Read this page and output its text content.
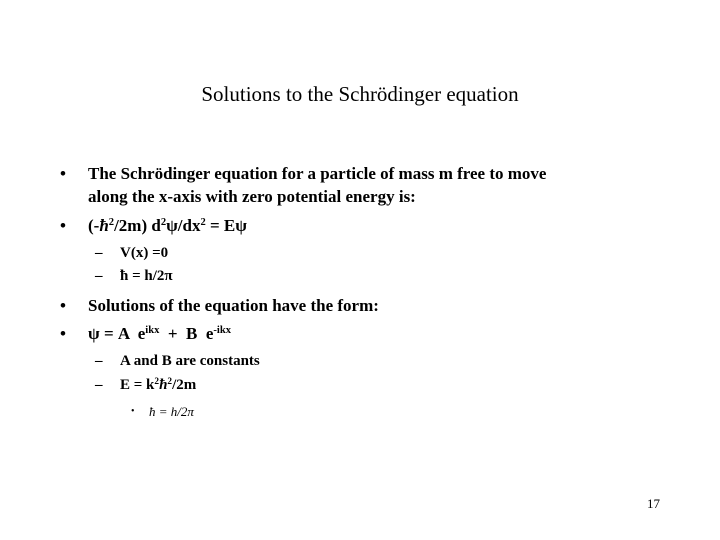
Solutions to the Schrödinger equation
• The Schrödinger equation for a particle of mass m free to move
along the x-axis with zero potential energy is:
• $(-ħ^2/2m) d^2\psi/dx^2 = E\psi$
– V(x) =0
– ħ = h/2π
• Solutions of the equation have the form:
• ψ = A  $e^{ikx} + B$  $e^{-ikx}$
– A and B are constants
– $E = k^2ħ^2/2m$
• ħ = h/2π
17
